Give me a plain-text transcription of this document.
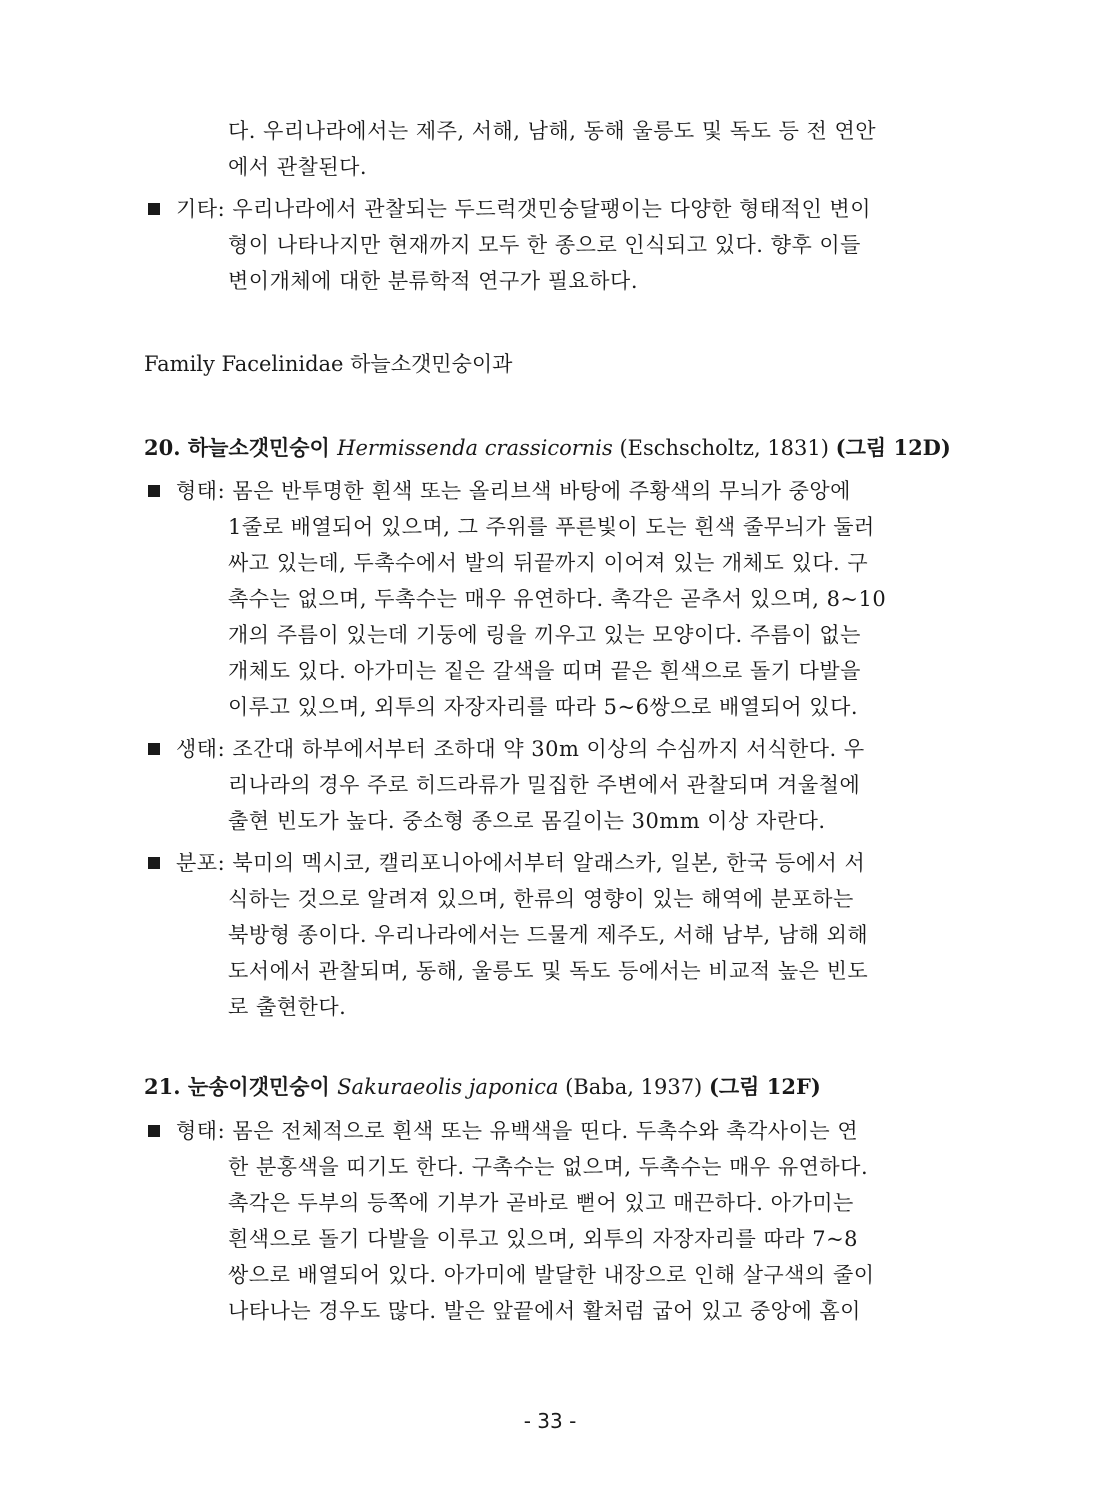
다. 우리나라에서는 제주, 서해, 남해, 동해 울릉도 및 독도 등 전 연안
에서 관찰된다.
기타: 우리나라에서 관찰되는 두드럭갯민숭달팽이는 다양한 형태적인 변이
형이 나타나지만 현재까지 모두 한 종으로 인식되고 있다. 향후 이들
변이개체에 대한 분류학적 연구가 필요하다.
Family Facelinidae 하늘소갯민숭이과
20. 하늘소갯민숭이 Hermissenda crassicornis (Eschscholtz, 1831) (그림 12D)
형태: 몸은 반투명한 흰색 또는 올리브색 바탕에 주황색의 무늬가 중앙에
1줄로 배열되어 있으며, 그 주위를 푸른빛이 도는 흰색 줄무늬가 둘러
싸고 있는데, 두촉수에서 발의 뒤끝까지 이어져 있는 개체도 있다. 구
촉수는 없으며, 두촉수는 매우 유연하다. 촉각은 곧추서 있으며, 8~10
개의 주름이 있는데 기둥에 링을 끼우고 있는 모양이다. 주름이 없는
개체도 있다. 아가미는 짙은 갈색을 띠며 끝은 흰색으로 돌기 다발을
이루고 있으며, 외투의 자장자리를 따라 5~6쌍으로 배열되어 있다.
생태: 조간대 하부에서부터 조하대 약 30m 이상의 수심까지 서식한다. 우
리나라의 경우 주로 히드라류가 밀집한 주변에서 관찰되며 겨울철에
출현 빈도가 높다. 중소형 종으로 몸길이는 30mm 이상 자란다.
분포: 북미의 멕시코, 캘리포니아에서부터 알래스카, 일본, 한국 등에서 서
식하는 것으로 알려져 있으며, 한류의 영향이 있는 해역에 분포하는
북방형 종이다. 우리나라에서는 드물게 제주도, 서해 남부, 남해 외해
도서에서 관찰되며, 동해, 울릉도 및 독도 등에서는 비교적 높은 빈도
로 출현한다.
21. 눈송이갯민숭이 Sakuraeolis japonica (Baba, 1937) (그림 12F)
형태: 몸은 전체적으로 흰색 또는 유백색을 띤다. 두촉수와 촉각사이는 연
한 분홍색을 띠기도 한다. 구촉수는 없으며, 두촉수는 매우 유연하다.
촉각은 두부의 등쪽에 기부가 곧바로 뻗어 있고 매끈하다. 아가미는
흰색으로 돌기 다발을 이루고 있으며, 외투의 자장자리를 따라 7~8
쌍으로 배열되어 있다. 아가미에 발달한 내장으로 인해 살구색의 줄이
나타나는 경우도 많다. 발은 앞끝에서 활처럼 굽어 있고 중앙에 홈이
- 33 -
